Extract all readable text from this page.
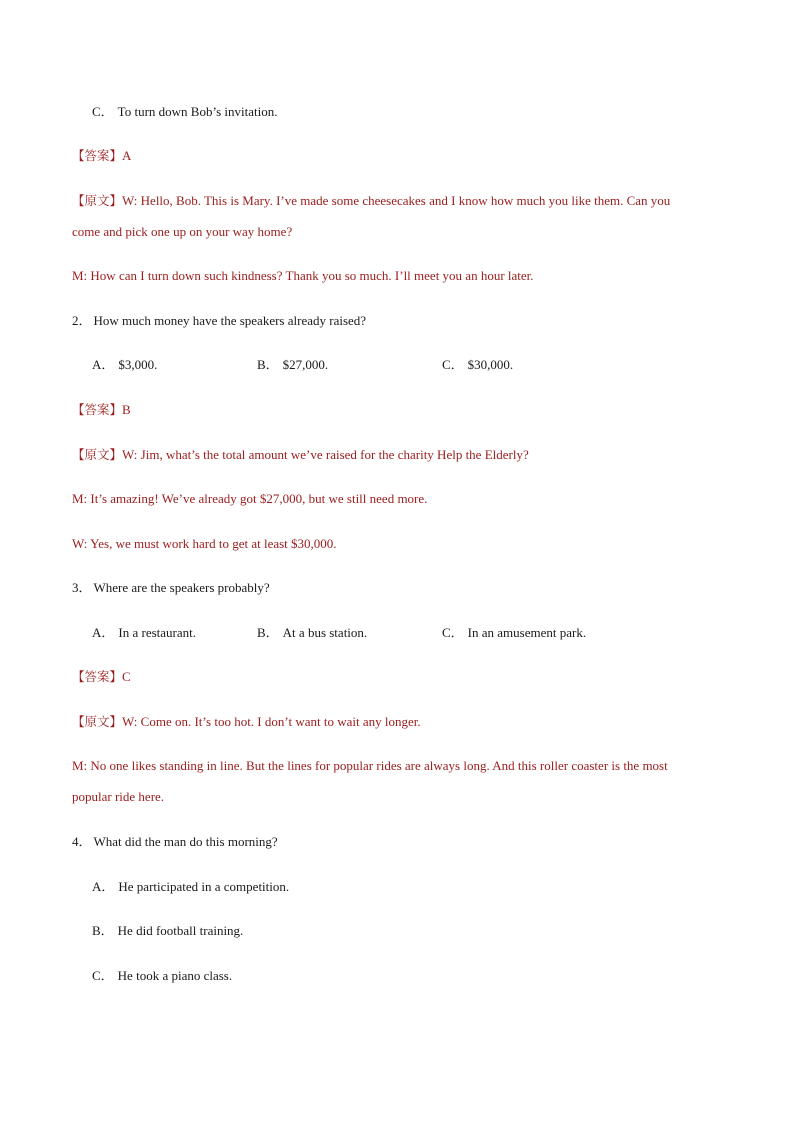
C． To turn down Bob’s invitation.
【答案】A
【原文】W: Hello, Bob. This is Mary. I’ve made some cheesecakes and I know how much you like them. Can you
come and pick one up on your way home?
M: How can I turn down such kindness? Thank you so much. I’ll meet you an hour later.
2． How much money have the speakers already raised?
A． $3,000.	B． $27,000.	C． $30,000.
【答案】B
【原文】W: Jim, what’s the total amount we’ve raised for the charity Help the Elderly?
M: It’s amazing! We’ve already got $27,000, but we still need more.
W: Yes, we must work hard to get at least $30,000.
3． Where are the speakers probably?
A． In a restaurant.	B． At a bus station.	C． In an amusement park.
【答案】C
【原文】W: Come on. It’s too hot. I don’t want to wait any longer.
M: No one likes standing in line. But the lines for popular rides are always long. And this roller coaster is the most
popular ride here.
4． What did the man do this morning?
A． He participated in a competition.
B． He did football training.
C． He took a piano class.
